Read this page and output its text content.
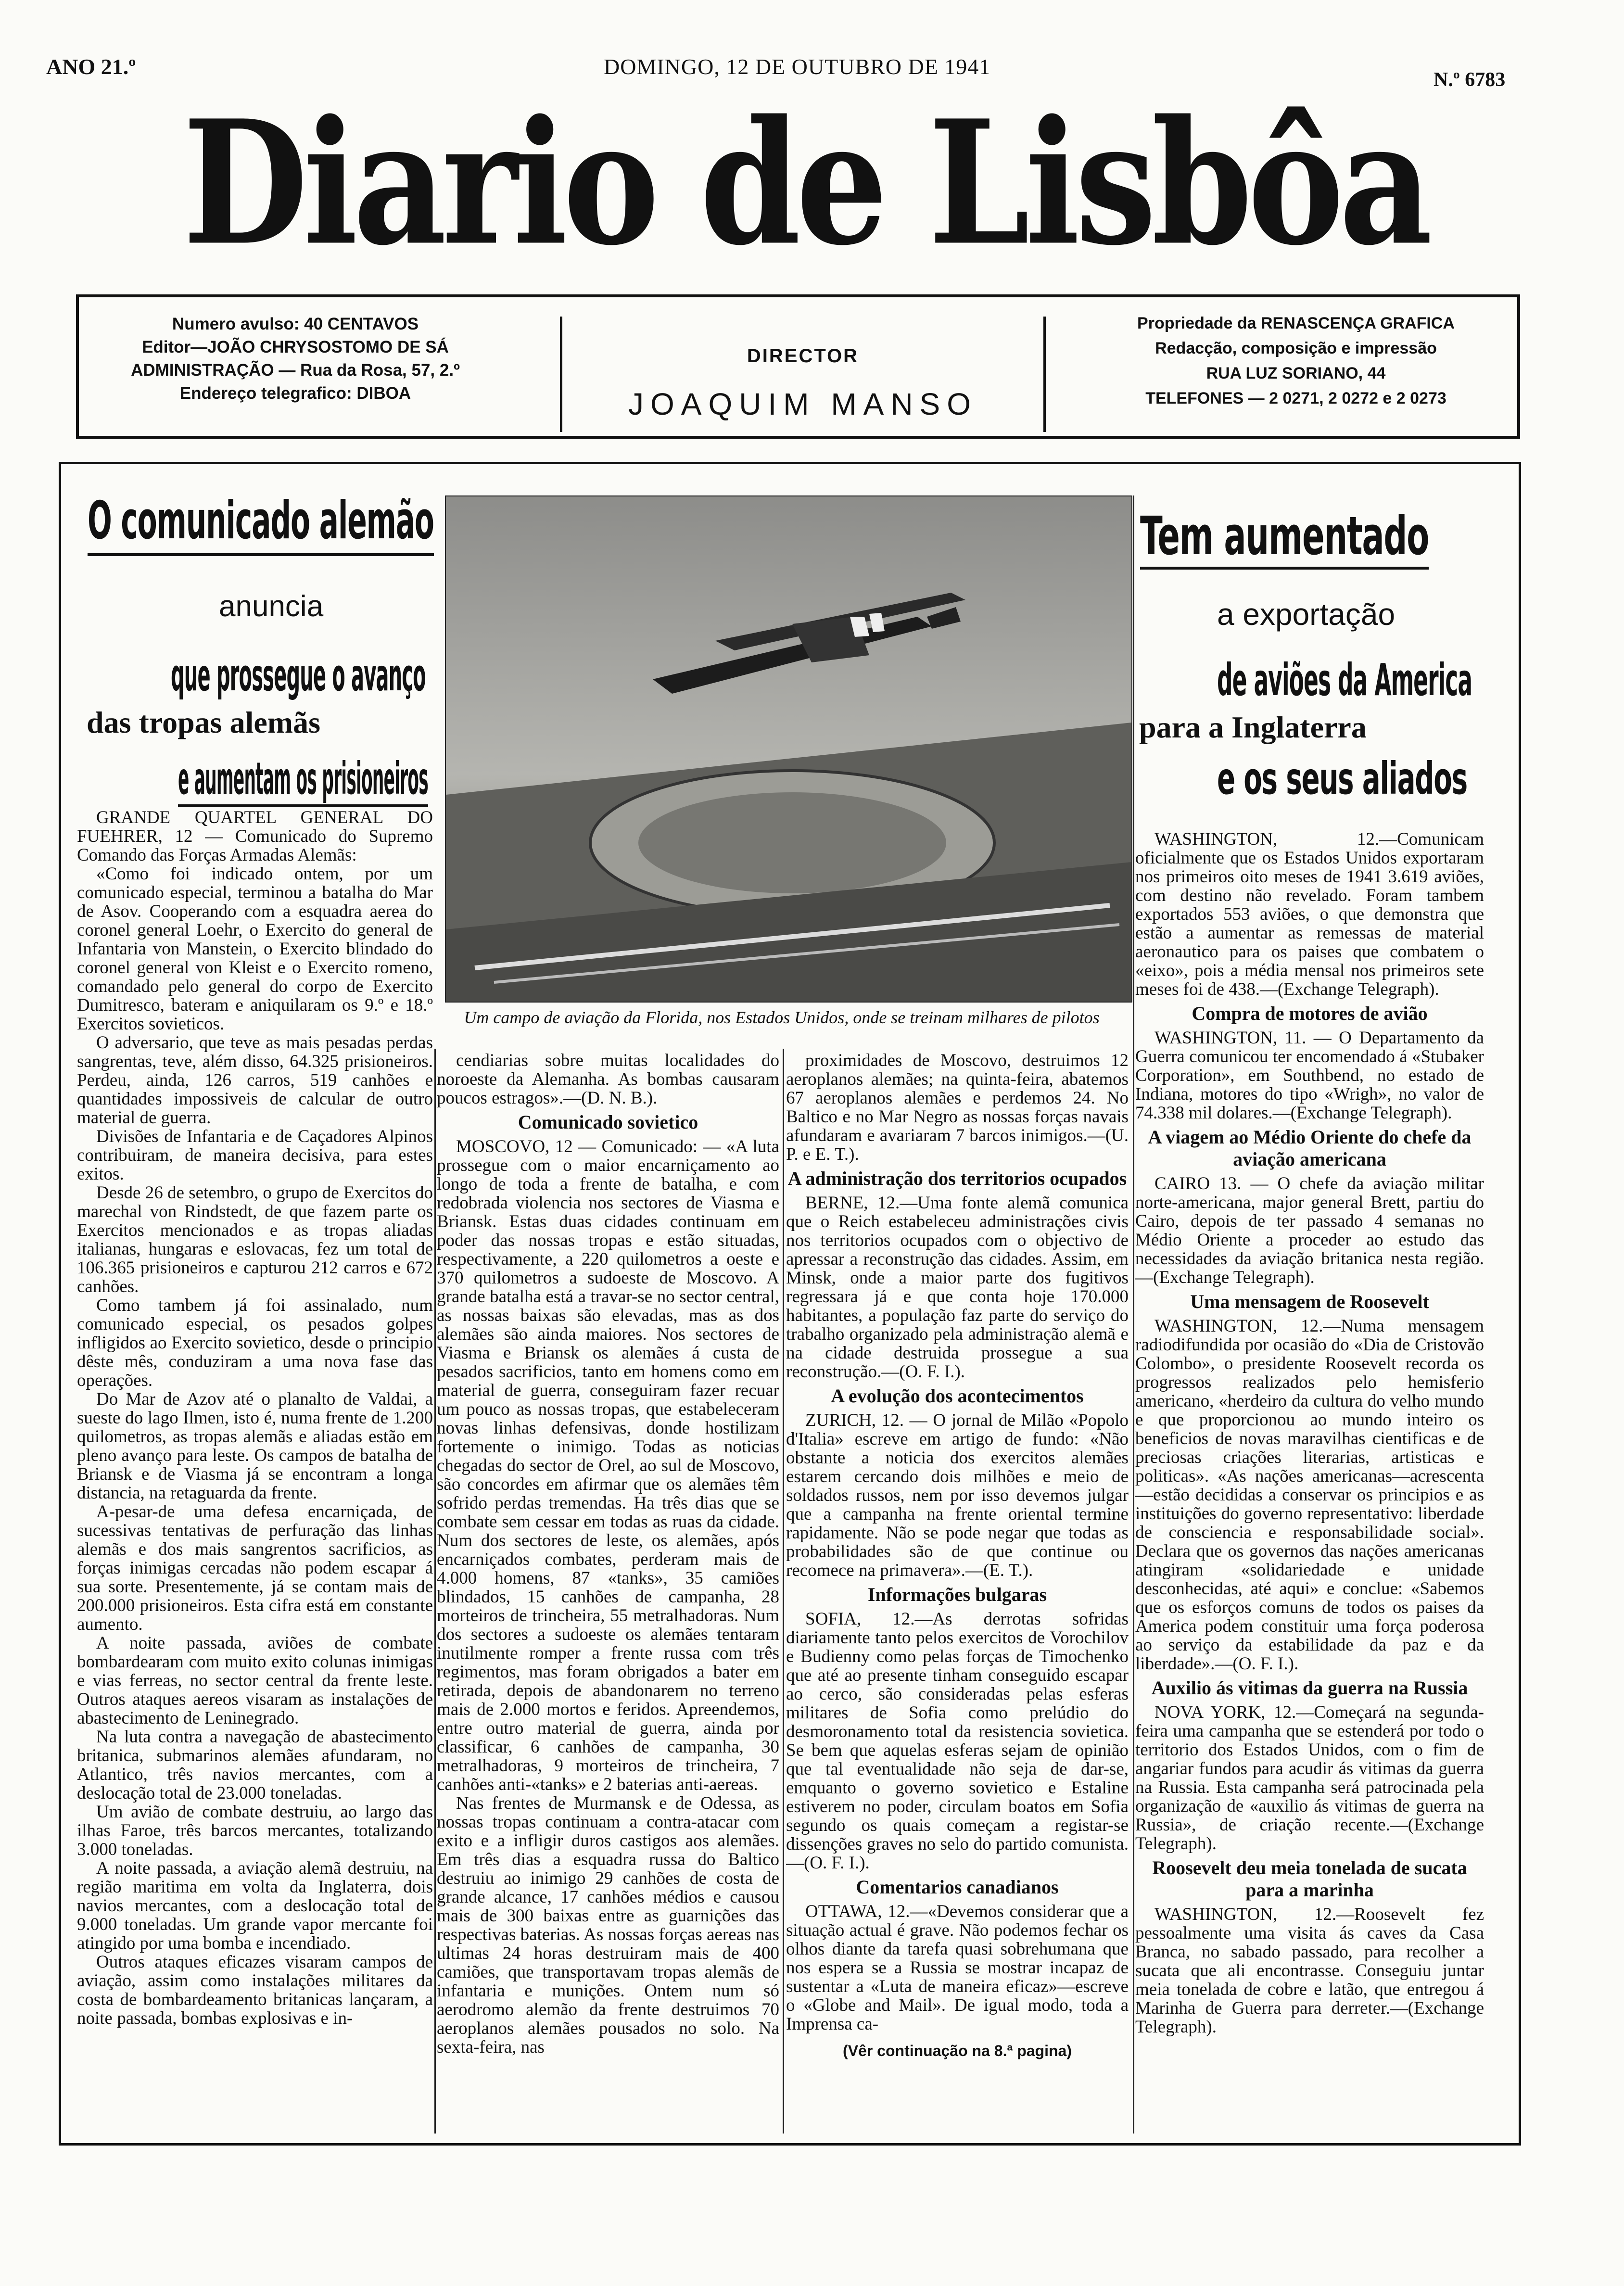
ANO 21.º	DOMINGO, 12 DE OUTUBRO DE 1941
N.º 6783
Diario de Lisbôa
Numero avulso: 40 CENTAVOS
Editor—JOÃO CHRYSOSTOMO DE SÁ
ADMINISTRAÇÃO — Rua da Rosa, 57, 2.º
Endereço telegrafico: DIBOA
DIRECTOR
JOAQUIM MANSO
Propriedade da RENASCENÇA GRAFICA
Redacção, composição e impressão
RUA LUZ SORIANO, 44
TELEFONES — 2 0271, 2 0272 e 2 0273
O comunicado alemão
anuncia
que prossegue o avanço
das tropas alemãs
e aumentam os prisioneiros
Um campo de aviação da Florida, nos Estados Unidos, onde se treinam milhares de pilotos
Tem aumentado
a exportação
de aviões da America
para a Inglaterra
e os seus aliados

GRANDE QUARTEL GENERAL DO FUEHRER, 12 — Comunicado do Supremo Comando das Forças Armadas Alemãs:

«Como foi indicado ontem, por um comunicado especial, terminou a batalha do Mar de Asov. Cooperando com a esquadra aerea do coronel general Loehr, o Exercito do general de Infantaria von Manstein, o Exercito blindado do coronel general von Kleist e o Exercito romeno, comandado pelo general do corpo de Exercito Dumitresco, bateram e aniquilaram os 9.º e 18.º Exercitos sovieticos.

O adversario, que teve as mais pesadas perdas sangrentas, teve, além disso, 64.325 prisioneiros. Perdeu, ainda, 126 carros, 519 canhões e quantidades impossiveis de calcular de outro material de guerra.

Divisões de Infantaria e de Caçadores Alpinos contribuiram, de maneira decisiva, para estes exitos.

Desde 26 de setembro, o grupo de Exercitos do marechal von Rindstedt, de que fazem parte os Exercitos mencionados e as tropas aliadas italianas, hungaras e eslovacas, fez um total de 106.365 prisioneiros e capturou 212 carros e 672 canhões.

Como tambem já foi assinalado, num comunicado especial, os pesados golpes infligidos ao Exercito sovietico, desde o principio dêste mês, conduziram a uma nova fase das operações.

Do Mar de Azov até o planalto de Valdai, a sueste do lago Ilmen, isto é, numa frente de 1.200 quilometros, as tropas alemãs e aliadas estão em pleno avanço para leste. Os campos de batalha de Briansk e de Viasma já se encontram a longa distancia, na retaguarda da frente.

A-pesar-de uma defesa encarniçada, de sucessivas tentativas de perfuração das linhas alemãs e dos mais sangrentos sacrificios, as forças inimigas cercadas não podem escapar á sua sorte. Presentemente, já se contam mais de 200.000 prisioneiros. Esta cifra está em constante aumento.

A noite passada, aviões de combate bombardearam com muito exito colunas inimigas e vias ferreas, no sector central da frente leste. Outros ataques aereos visaram as instalações de abastecimento de Leninegrado.

Na luta contra a navegação de abastecimento britanica, submarinos alemães afundaram, no Atlantico, três navios mercantes, com a deslocação total de 23.000 toneladas.

Um avião de combate destruiu, ao largo das ilhas Faroe, três barcos mercantes, totalizando 3.000 toneladas.

A noite passada, a aviação alemã destruiu, na região maritima em volta da Inglaterra, dois navios mercantes, com a deslocação total de 9.000 toneladas. Um grande vapor mercante foi atingido por uma bomba e incendiado.

Outros ataques eficazes visaram campos de aviação, assim como instalações militares da costa de bombardeamento britanicas lançaram, a noite passada, bombas explosivas e in-

cendiarias sobre muitas localidades do noroeste da Alemanha. As bombas causaram poucos estragos».—(D. N. B.).

Comunicado sovietico

MOSCOVO, 12 — Comunicado: — «A luta prossegue com o maior encarniçamento ao longo de toda a frente de batalha, e com redobrada violencia nos sectores de Viasma e Briansk. Estas duas cidades continuam em poder das nossas tropas e estão situadas, respectivamente, a 220 quilometros a oeste e 370 quilometros a sudoeste de Moscovo. A grande batalha está a travar-se no sector central, as nossas baixas são elevadas, mas as dos alemães são ainda maiores. Nos sectores de Viasma e Briansk os alemães á custa de pesados sacrificios, tanto em homens como em material de guerra, conseguiram fazer recuar um pouco as nossas tropas, que estabeleceram novas linhas defensivas, donde hostilizam fortemente o inimigo. Todas as noticias chegadas do sector de Orel, ao sul de Moscovo, são concordes em afirmar que os alemães têm sofrido perdas tremendas. Ha três dias que se combate sem cessar em todas as ruas da cidade. Num dos sectores de leste, os alemães, após encarniçados combates, perderam mais de 4.000 homens, 87 «tanks», 35 camiões blindados, 15 canhões de campanha, 28 morteiros de trincheira, 55 metralhadoras. Num dos sectores a sudoeste os alemães tentaram inutilmente romper a frente russa com três regimentos, mas foram obrigados a bater em retirada, depois de abandonarem no terreno mais de 2.000 mortos e feridos. Apreendemos, entre outro material de guerra, ainda por classificar, 6 canhões de campanha, 30 metralhadoras, 9 morteiros de trincheira, 7 canhões anti-«tanks» e 2 baterias anti-aereas.

Nas frentes de Murmansk e de Odessa, as nossas tropas continuam a contra-atacar com exito e a infligir duros castigos aos alemães. Em três dias a esquadra russa do Baltico destruiu ao inimigo 29 canhões de costa de grande alcance, 17 canhões médios e causou mais de 300 baixas entre as guarnições das respectivas baterias. As nossas forças aereas nas ultimas 24 horas destruiram mais de 400 camiões, que transportavam tropas alemãs de infantaria e munições. Ontem num só aerodromo alemão da frente destruimos 70 aeroplanos alemães pousados no solo. Na sexta-feira, nas

proximidades de Moscovo, destruimos 12 aeroplanos alemães; na quinta-feira, abatemos 67 aeroplanos alemães e perdemos 24. No Baltico e no Mar Negro as nossas forças navais afundaram e avariaram 7 barcos inimigos.—(U. P. e E. T.).

A administração dos territorios ocupados

BERNE, 12.—Uma fonte alemã comunica que o Reich estabeleceu administrações civis nos territorios ocupados com o objectivo de apressar a reconstrução das cidades. Assim, em Minsk, onde a maior parte dos fugitivos regressara já e que conta hoje 170.000 habitantes, a população faz parte do serviço do trabalho organizado pela administração alemã e na cidade destruida prossegue a sua reconstrução.—(O. F. I.).

A evolução dos acontecimentos

ZURICH, 12. — O jornal de Milão «Popolo d'Italia» escreve em artigo de fundo: «Não obstante a noticia dos exercitos alemães estarem cercando dois milhões e meio de soldados russos, nem por isso devemos julgar que a campanha na frente oriental termine rapidamente. Não se pode negar que todas as probabilidades são de que continue ou recomece na primavera».—(E. T.).

Informações bulgaras

SOFIA, 12.—As derrotas sofridas diariamente tanto pelos exercitos de Vorochilov e Budienny como pelas forças de Timochenko que até ao presente tinham conseguido escapar ao cerco, são consideradas pelas esferas militares de Sofia como prelúdio do desmoronamento total da resistencia sovietica. Se bem que aquelas esferas sejam de opinião que tal eventualidade não seja de dar-se, emquanto o governo sovietico e Estaline estiverem no poder, circulam boatos em Sofia segundo os quais começam a registar-se dissenções graves no selo do partido comunista.—(O. F. I.).

Comentarios canadianos

OTTAWA, 12.—«Devemos considerar que a situação actual é grave. Não podemos fechar os olhos diante da tarefa quasi sobrehumana que nos espera se a Russia se mostrar incapaz de sustentar a «Luta de maneira eficaz»—escreve o «Globe and Mail». De igual modo, toda a Imprensa ca-

(Vêr continuação na 8.ª pagina)

WASHINGTON, 12.—Comunicam oficialmente que os Estados Unidos exportaram nos primeiros oito meses de 1941 3.619 aviões, com destino não revelado. Foram tambem exportados 553 aviões, o que demonstra que estão a aumentar as remessas de material aeronautico para os paises que combatem o «eixo», pois a média mensal nos primeiros sete meses foi de 438.—(Exchange Telegraph).

Compra de motores de avião

WASHINGTON, 11. — O Departamento da Guerra comunicou ter encomendado á «Stubaker Corporation», em Southbend, no estado de Indiana, motores do tipo «Wrigh», no valor de 74.338 mil dolares.—(Exchange Telegraph).

A viagem ao Médio Oriente do chefe da aviação americana

CAIRO 13. — O chefe da aviação militar norte-americana, major general Brett, partiu do Cairo, depois de ter passado 4 semanas no Médio Oriente a proceder ao estudo das necessidades da aviação britanica nesta região.—(Exchange Telegraph).

Uma mensagem de Roosevelt

WASHINGTON, 12.—Numa mensagem radiodifundida por ocasião do «Dia de Cristovão Colombo», o presidente Roosevelt recorda os progressos realizados pelo hemisferio americano, «herdeiro da cultura do velho mundo e que proporcionou ao mundo inteiro os beneficios de novas maravilhas cientificas e de preciosas criações literarias, artisticas e politicas». «As nações americanas—acrescenta—estão decididas a conservar os principios e as instituições do governo representativo: liberdade de consciencia e responsabilidade social». Declara que os governos das nações americanas atingiram «solidariedade e unidade desconhecidas, até aqui» e conclue: «Sabemos que os esforços comuns de todos os paises da America podem constituir uma força poderosa ao serviço da estabilidade da paz e da liberdade».—(O. F. I.).

Auxilio ás vitimas da guerra na Russia

NOVA YORK, 12.—Começará na segunda-feira uma campanha que se estenderá por todo o territorio dos Estados Unidos, com o fim de angariar fundos para acudir ás vitimas da guerra na Russia. Esta campanha será patrocinada pela organização de «auxilio ás vitimas de guerra na Russia», de criação recente.—(Exchange Telegraph).

Roosevelt deu meia tonelada de sucata para a marinha

WASHINGTON, 12.—Roosevelt fez pessoalmente uma visita ás caves da Casa Branca, no sabado passado, para recolher a sucata que ali encontrasse. Conseguiu juntar meia tonelada de cobre e latão, que entregou á Marinha de Guerra para derreter.—(Exchange Telegraph).
